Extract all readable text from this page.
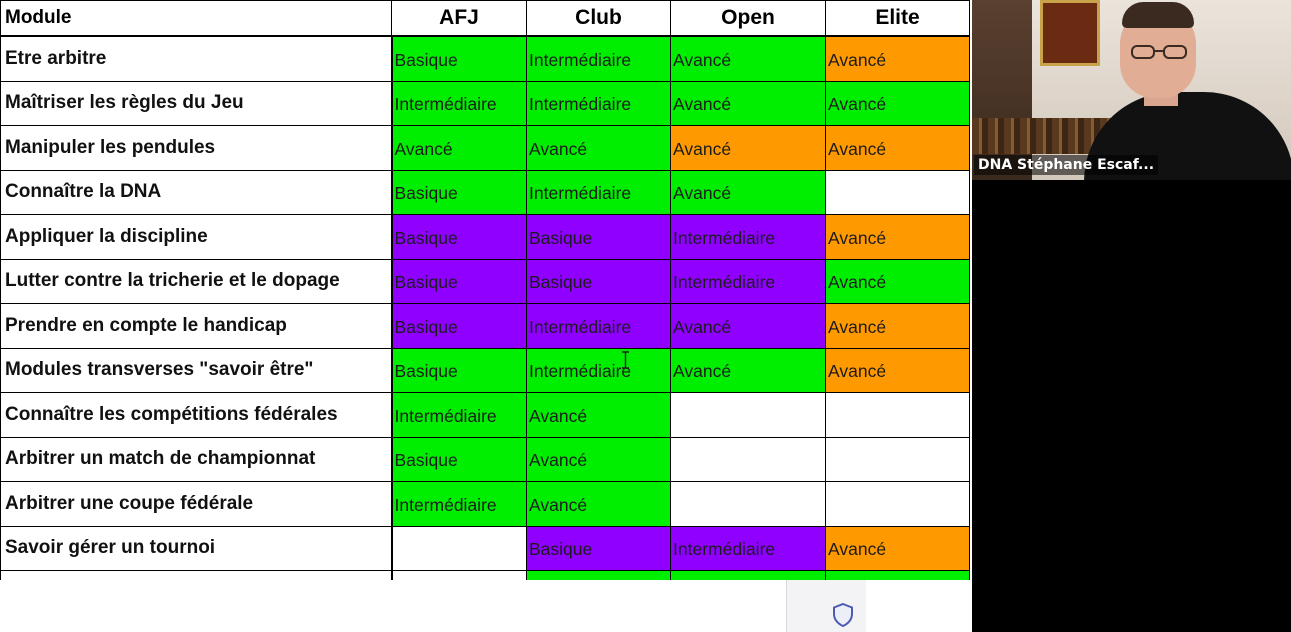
Module	AFJ	Club	Open	Elite
Etre arbitre	Basique	Intermédiaire	Avancé	Avancé
Maîtriser les règles du Jeu	Intermédiaire	Intermédiaire	Avancé	Avancé
Manipuler les pendules	Avancé	Avancé	Avancé	Avancé
Connaître la DNA	Basique	Intermédiaire	Avancé	
Appliquer la discipline	Basique	Basique	Intermédiaire	Avancé
Lutter contre la tricherie et le dopage	Basique	Basique	Intermédiaire	Avancé
Prendre en compte le handicap	Basique	Intermédiaire	Avancé	Avancé
Modules transverses "savoir être"	Basique	Intermédiaire	Avancé	Avancé
Connaître les compétitions fédérales	Intermédiaire	Avancé		
Arbitrer un match de championnat	Basique	Avancé		
Arbitrer une coupe fédérale	Intermédiaire	Avancé		
Savoir gérer un tournoi		Basique	Intermédiaire	Avancé

DNA Stéphane Escaf...
